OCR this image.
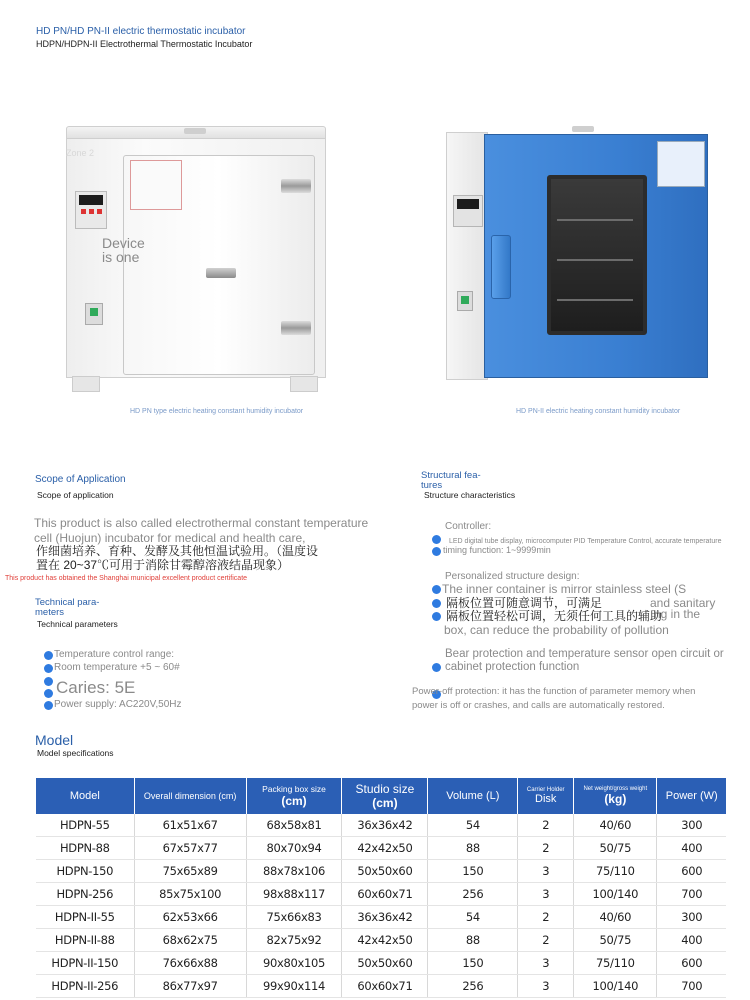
HD PN/HD PN-II electric thermostatic incubator
HDPN/HDPN-II Electrothermal Thermostatic Incubator
Zone 2
Device
is one
HD PN type electric heating constant humidity incubator	HD PN-II electric heating constant humidity incubator
Scope of Application
Scope of application
This product is also called electrothermal constant temperature
cell (Huojun) incubator for medical and health care,
作细菌培养、育种、发酵及其他恒温试验用。（温度设
置在 20~37℃可用于消除甘霉醇溶液结晶现象）
This product has obtained the Shanghai municipal excellent product certificate
Technical para-
meters
Technical parameters
Temperature control range:
Room temperature +5 ~ 60#
Caries: 5E
Power supply: AC220V,50Hz
Structural fea-
tures
Structure characteristics
Controller:
LED digital tube display, microcomputer PID Temperature Control, accurate temperature
timing function: 1~9999min
Personalized structure design:
The inner container is mirror stainless steel (S
隔板位置可随意调节，可满足	and sanitary
隔板位置轻松可调，无须任何工具的辅助
ng in the
box, can reduce the probability of pollution
Bear protection and temperature sensor open circuit or
cabinet protection function
Power-off protection: it has the function of parameter memory when
power is off or crashes, and calls are automatically restored.
Model
Model specifications
Model	Overall dimension (cm)	Packing box size
(cm)	Studio size
(cm)	Volume (L)	Carrier Holder
Disk	Net weight/gross weight
(kg)	Power (W)
HDPN-55	61x51x67	68x58x81	36x36x42	54	2	40/60	300
HDPN-88	67x57x77	80x70x94	42x42x50	88	2	50/75	400
HDPN-150	75x65x89	88x78x106	50x50x60	150	3	75/110	600
HDPN-256	85x75x100	98x88x117	60x60x71	256	3	100/140	700
HDPN-II-55	62x53x66	75x66x83	36x36x42	54	2	40/60	300
HDPN-II-88	68x62x75	82x75x92	42x42x50	88	2	50/75	400
HDPN-II-150	76x66x88	90x80x105	50x50x60	150	3	75/110	600
HDPN-II-256	86x77x97	99x90x114	60x60x71	256	3	100/140	700
